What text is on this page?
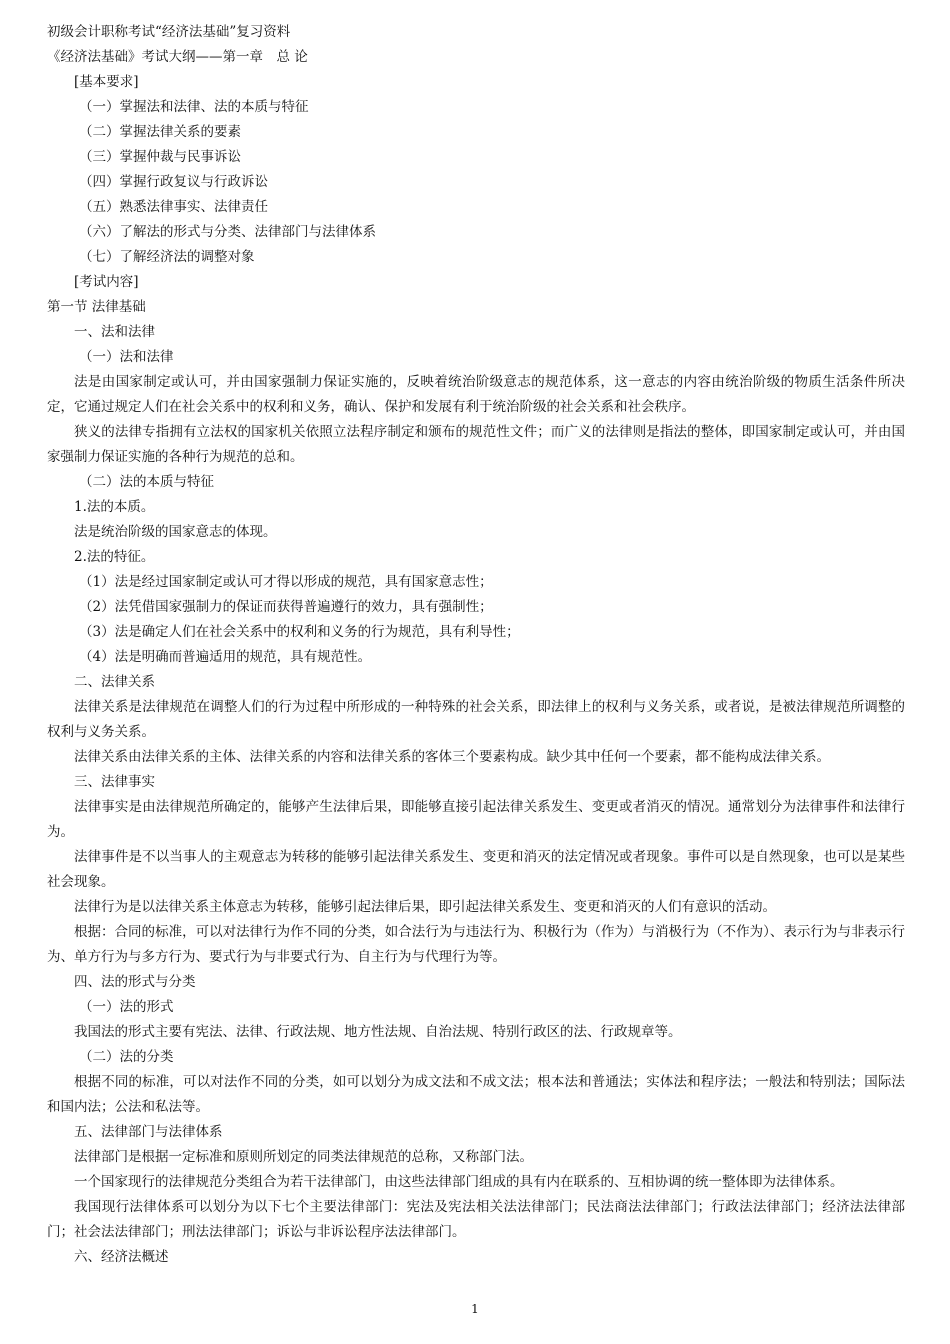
初级会计职称考试“经济法基础”复习资料
《经济法基础》考试大纲——第一章　总 论
[基本要求]
（一）掌握法和法律、法的本质与特征
（二）掌握法律关系的要素
（三）掌握仲裁与民事诉讼
（四）掌握行政复议与行政诉讼
（五）熟悉法律事实、法律责任
（六）了解法的形式与分类、法律部门与法律体系
（七）了解经济法的调整对象
[考试内容]
第一节 法律基础
一、法和法律
（一）法和法律
法是由国家制定或认可，并由国家强制力保证实施的，反映着统治阶级意志的规范体系，这一意志的内容由统治阶级的物质生活条件所决定，它通过规定人们在社会关系中的权利和义务，确认、保护和发展有利于统治阶级的社会关系和社会秩序。
狭义的法律专指拥有立法权的国家机关依照立法程序制定和颁布的规范性文件；而广义的法律则是指法的整体，即国家制定或认可，并由国家强制力保证实施的各种行为规范的总和。
（二）法的本质与特征
1.法的本质。
法是统治阶级的国家意志的体现。
2.法的特征。
（1）法是经过国家制定或认可才得以形成的规范，具有国家意志性；
（2）法凭借国家强制力的保证而获得普遍遵行的效力，具有强制性；
（3）法是确定人们在社会关系中的权利和义务的行为规范，具有利导性；
（4）法是明确而普遍适用的规范，具有规范性。
二、法律关系
法律关系是法律规范在调整人们的行为过程中所形成的一种特殊的社会关系，即法律上的权利与义务关系，或者说，是被法律规范所调整的权利与义务关系。
法律关系由法律关系的主体、法律关系的内容和法律关系的客体三个要素构成。缺少其中任何一个要素，都不能构成法律关系。
三、法律事实
法律事实是由法律规范所确定的，能够产生法律后果，即能够直接引起法律关系发生、变更或者消灭的情况。通常划分为法律事件和法律行为。
法律事件是不以当事人的主观意志为转移的能够引起法律关系发生、变更和消灭的法定情况或者现象。事件可以是自然现象，也可以是某些社会现象。
法律行为是以法律关系主体意志为转移，能够引起法律后果，即引起法律关系发生、变更和消灭的人们有意识的活动。
根据：合同的标准，可以对法律行为作不同的分类，如合法行为与违法行为、积极行为（作为）与消极行为（不作为）、表示行为与非表示行为、单方行为与多方行为、要式行为与非要式行为、自主行为与代理行为等。
四、法的形式与分类
（一）法的形式
我国法的形式主要有宪法、法律、行政法规、地方性法规、自治法规、特别行政区的法、行政规章等。
（二）法的分类
根据不同的标准，可以对法作不同的分类，如可以划分为成文法和不成文法；根本法和普通法；实体法和程序法；一般法和特别法；国际法和国内法；公法和私法等。
五、法律部门与法律体系
法律部门是根据一定标准和原则所划定的同类法律规范的总称，又称部门法。
一个国家现行的法律规范分类组合为若干法律部门，由这些法律部门组成的具有内在联系的、互相协调的统一整体即为法律体系。
我国现行法律体系可以划分为以下七个主要法律部门：宪法及宪法相关法法律部门；民法商法法律部门；行政法法律部门；经济法法律部门；社会法法律部门；刑法法律部门；诉讼与非诉讼程序法法律部门。
六、经济法概述
1
